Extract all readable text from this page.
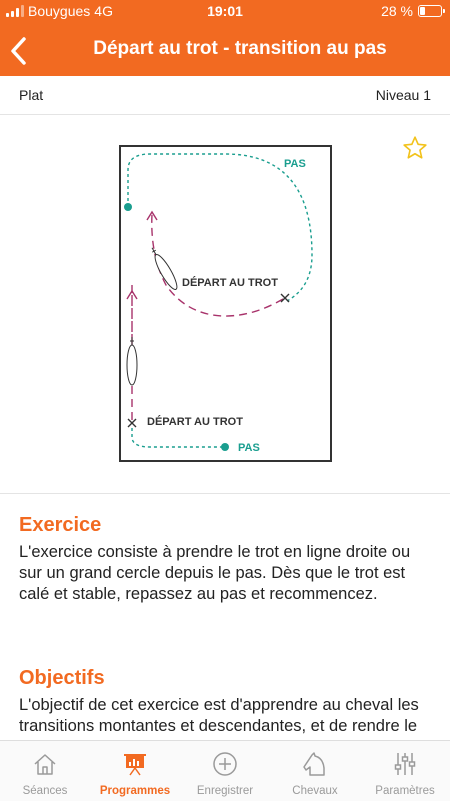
Bouygues 4G	19:01	28 %
Départ au trot - transition au pas
Plat	Niveau 1
PAS
DÉPART AU TROT
DÉPART AU TROT
PAS
Exercice
L'exercice consiste à prendre le trot en ligne droite ou sur un grand cercle depuis le pas. Dès que le trot est calé et stable, repassez au pas et recommencez.
Objectifs
L'objectif de cet exercice est d'apprendre au cheval les transitions montantes et descendantes, et de rendre le
Séances	Programmes	Enregistrer	Chevaux	Paramètres
